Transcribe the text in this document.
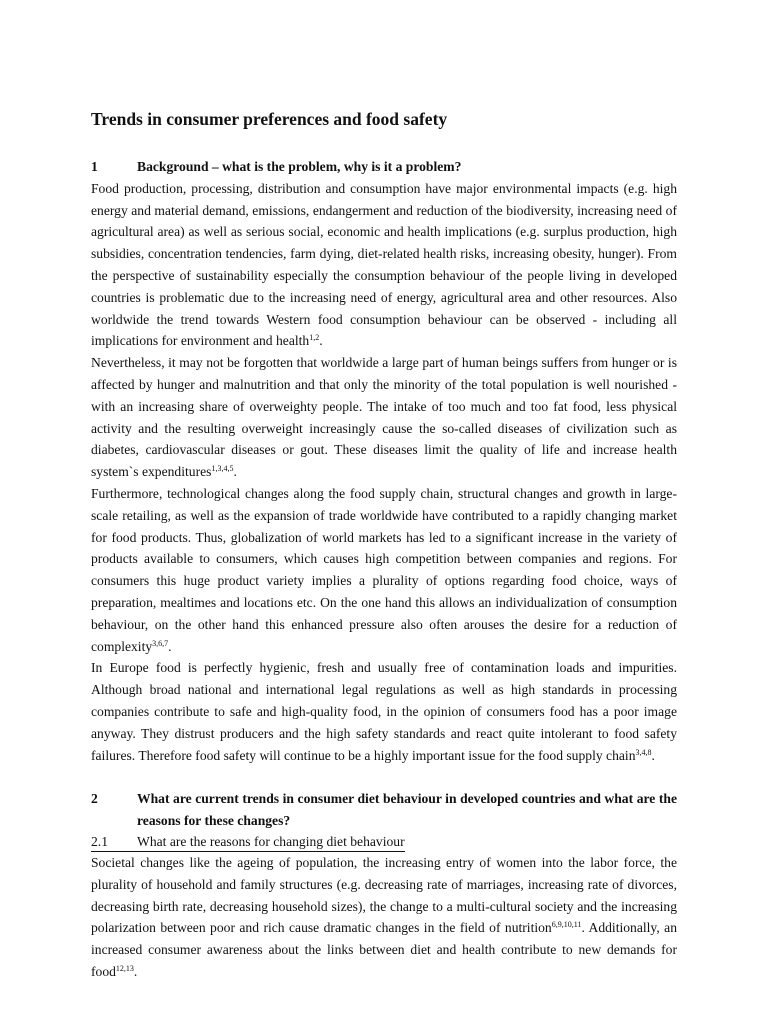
Trends in consumer preferences and food safety
1	Background – what is the problem, why is it a problem?

Food production, processing, distribution and consumption have major environmental impacts (e.g. high energy and material demand, emissions, endangerment and reduction of the biodiversity, increasing need of agricultural area) as well as serious social, economic and health implications (e.g. surplus production, high subsidies, concentration tendencies, farm dying, diet-related health risks, increasing obesity, hunger). From the perspective of sustainability especially the consumption behaviour of the people living in developed countries is problematic due to the increasing need of energy, agricultural area and other resources. Also worldwide the trend towards Western food consumption behaviour can be observed - including all implications for environment and health$^{1,2}$.

Nevertheless, it may not be forgotten that worldwide a large part of human beings suffers from hunger or is affected by hunger and malnutrition and that only the minority of the total population is well nourished - with an increasing share of overweighty people. The intake of too much and too fat food, less physical activity and the resulting overweight increasingly cause the so-called diseases of civilization such as diabetes, cardiovascular diseases or gout. These diseases limit the quality of life and increase health system`s expenditures$^{1,3,4,5}$.

Furthermore, technological changes along the food supply chain, structural changes and growth in large-scale retailing, as well as the expansion of trade worldwide have contributed to a rapidly changing market for food products. Thus, globalization of world markets has led to a significant increase in the variety of products available to consumers, which causes high competition between companies and regions. For consumers this huge product variety implies a plurality of options regarding food choice, ways of preparation, mealtimes and locations etc. On the one hand this allows an individualization of consumption behaviour, on the other hand this enhanced pressure also often arouses the desire for a reduction of complexity$^{3,6,7}$.

In Europe food is perfectly hygienic, fresh and usually free of contamination loads and impurities. Although broad national and international legal regulations as well as high standards in processing companies contribute to safe and high-quality food, in the opinion of consumers food has a poor image anyway. They distrust producers and the high safety standards and react quite intolerant to food safety failures. Therefore food safety will continue to be a highly important issue for the food supply chain$^{3,4,8}$.

2	What are current trends in consumer diet behaviour in developed countries and what are the reasons for these changes?
2.1	What are the reasons for changing diet behaviour

Societal changes like the ageing of population, the increasing entry of women into the labor force, the plurality of household and family structures (e.g. decreasing rate of marriages, increasing rate of divorces, decreasing birth rate, decreasing household sizes), the change to a multi-cultural society and the increasing polarization between poor and rich cause dramatic changes in the field of nutrition$^{6,9,10,11}$. Additionally, an increased consumer awareness about the links between diet and health contribute to new demands for food$^{12,13}$.
